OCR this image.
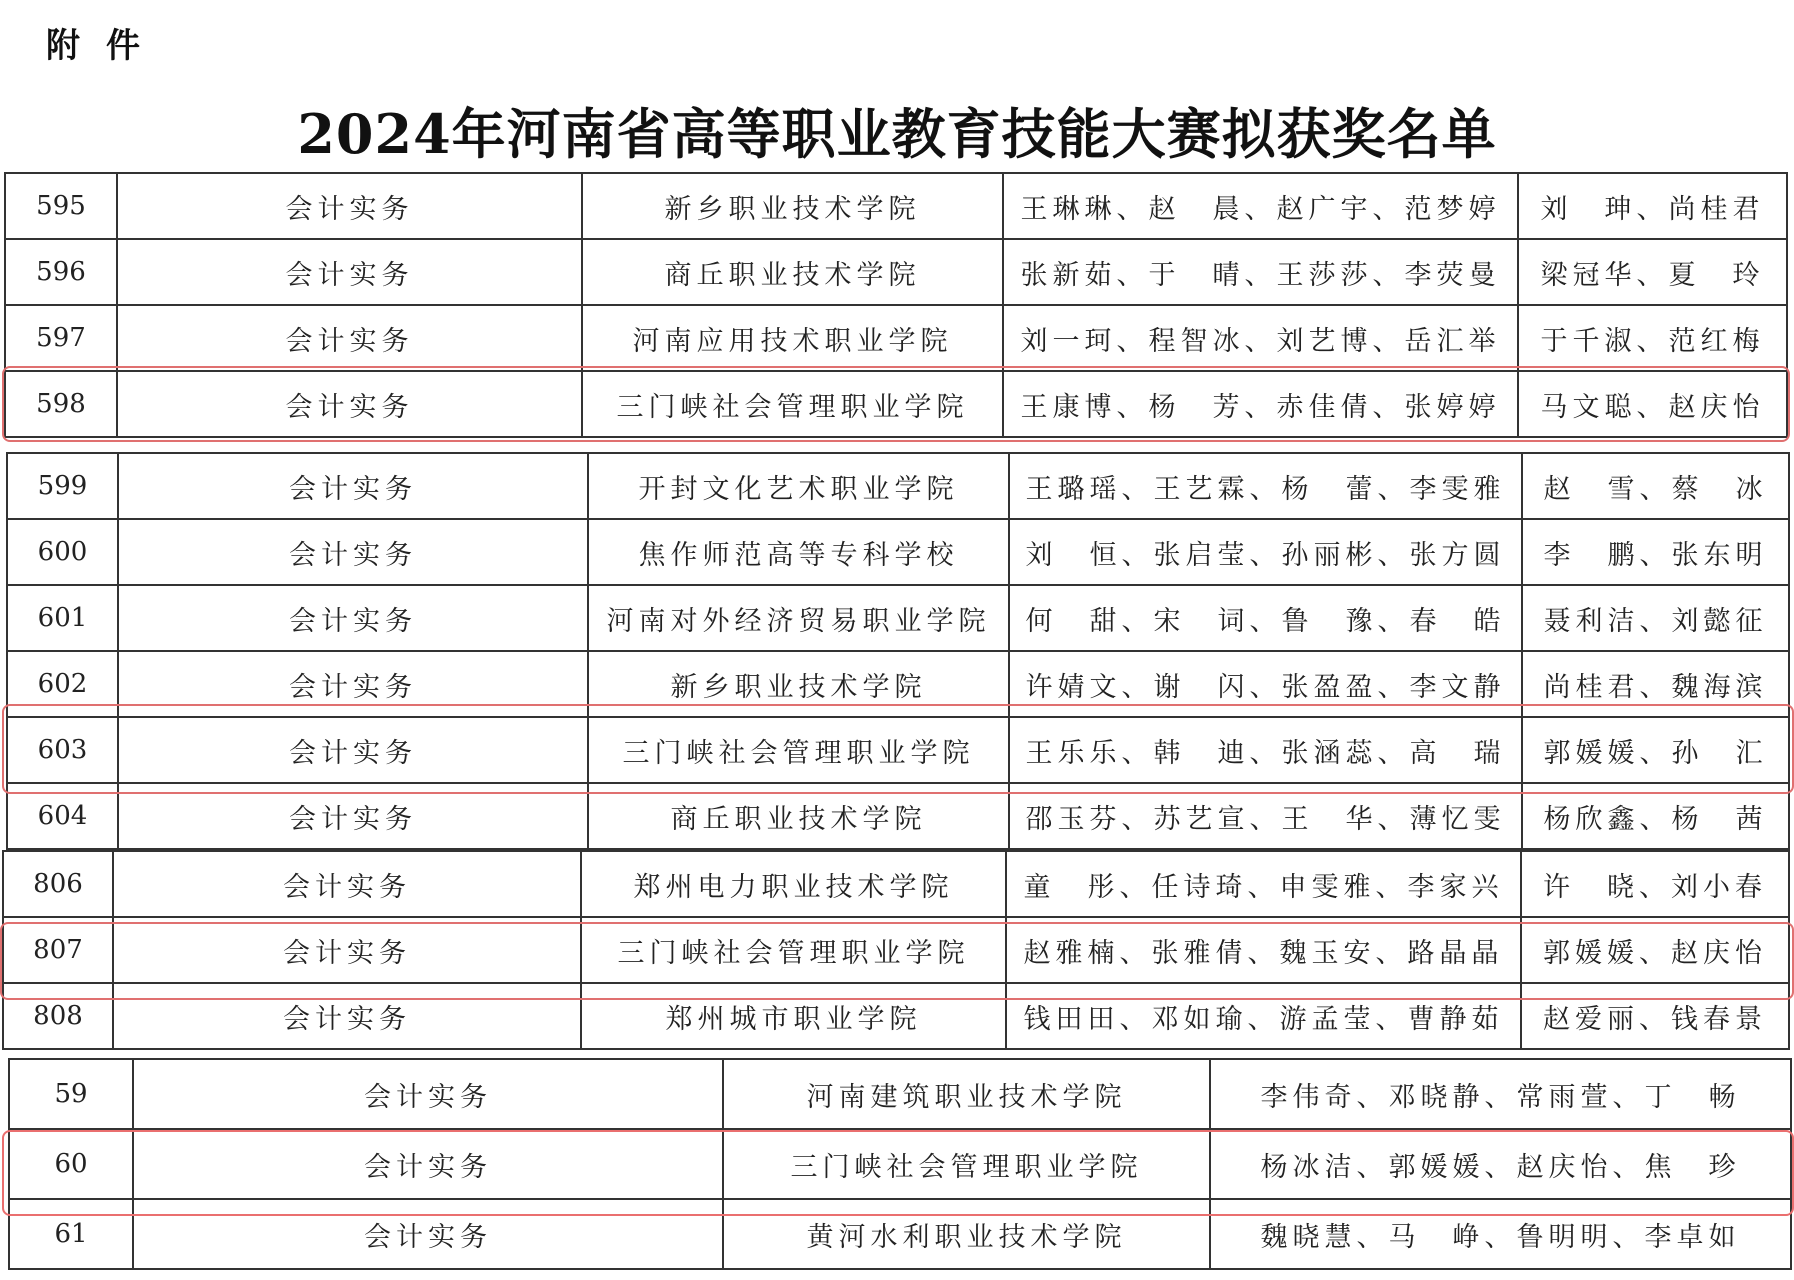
附件
2024年河南省高等职业教育技能大赛拟获奖名单
595	会计实务	新乡职业技术学院	王琳琳、赵　晨、赵广宇、范梦婷	刘　珅、尚桂君
596	会计实务	商丘职业技术学院	张新茹、于　晴、王莎莎、李荧曼	梁冠华、夏　玲
597	会计实务	河南应用技术职业学院	刘一珂、程智冰、刘艺博、岳汇举	于千淑、范红梅
598	会计实务	三门峡社会管理职业学院	王康博、杨　芳、赤佳倩、张婷婷	马文聪、赵庆怡
599	会计实务	开封文化艺术职业学院	王璐瑶、王艺霖、杨　蕾、李雯雅	赵　雪、蔡　冰
600	会计实务	焦作师范高等专科学校	刘　恒、张启莹、孙丽彬、张方圆	李　鹏、张东明
601	会计实务	河南对外经济贸易职业学院	何　甜、宋　词、鲁　豫、春　皓	聂利洁、刘懿征
602	会计实务	新乡职业技术学院	许婧文、谢　闪、张盈盈、李文静	尚桂君、魏海滨
603	会计实务	三门峡社会管理职业学院	王乐乐、韩　迪、张涵蕊、高　瑞	郭媛媛、孙　汇
604	会计实务	商丘职业技术学院	邵玉芬、苏艺宣、王　华、薄忆雯	杨欣鑫、杨　茜
806	会计实务	郑州电力职业技术学院	童　彤、任诗琦、申雯雅、李家兴	许　晓、刘小春
807	会计实务	三门峡社会管理职业学院	赵雅楠、张雅倩、魏玉安、路晶晶	郭媛媛、赵庆怡
808	会计实务	郑州城市职业学院	钱田田、邓如瑜、游孟莹、曹静茹	赵爱丽、钱春景
59	会计实务	河南建筑职业技术学院	李伟奇、邓晓静、常雨萱、丁　畅
60	会计实务	三门峡社会管理职业学院	杨冰洁、郭媛媛、赵庆怡、焦　珍
61	会计实务	黄河水利职业技术学院	魏晓慧、马　峥、鲁明明、李卓如
